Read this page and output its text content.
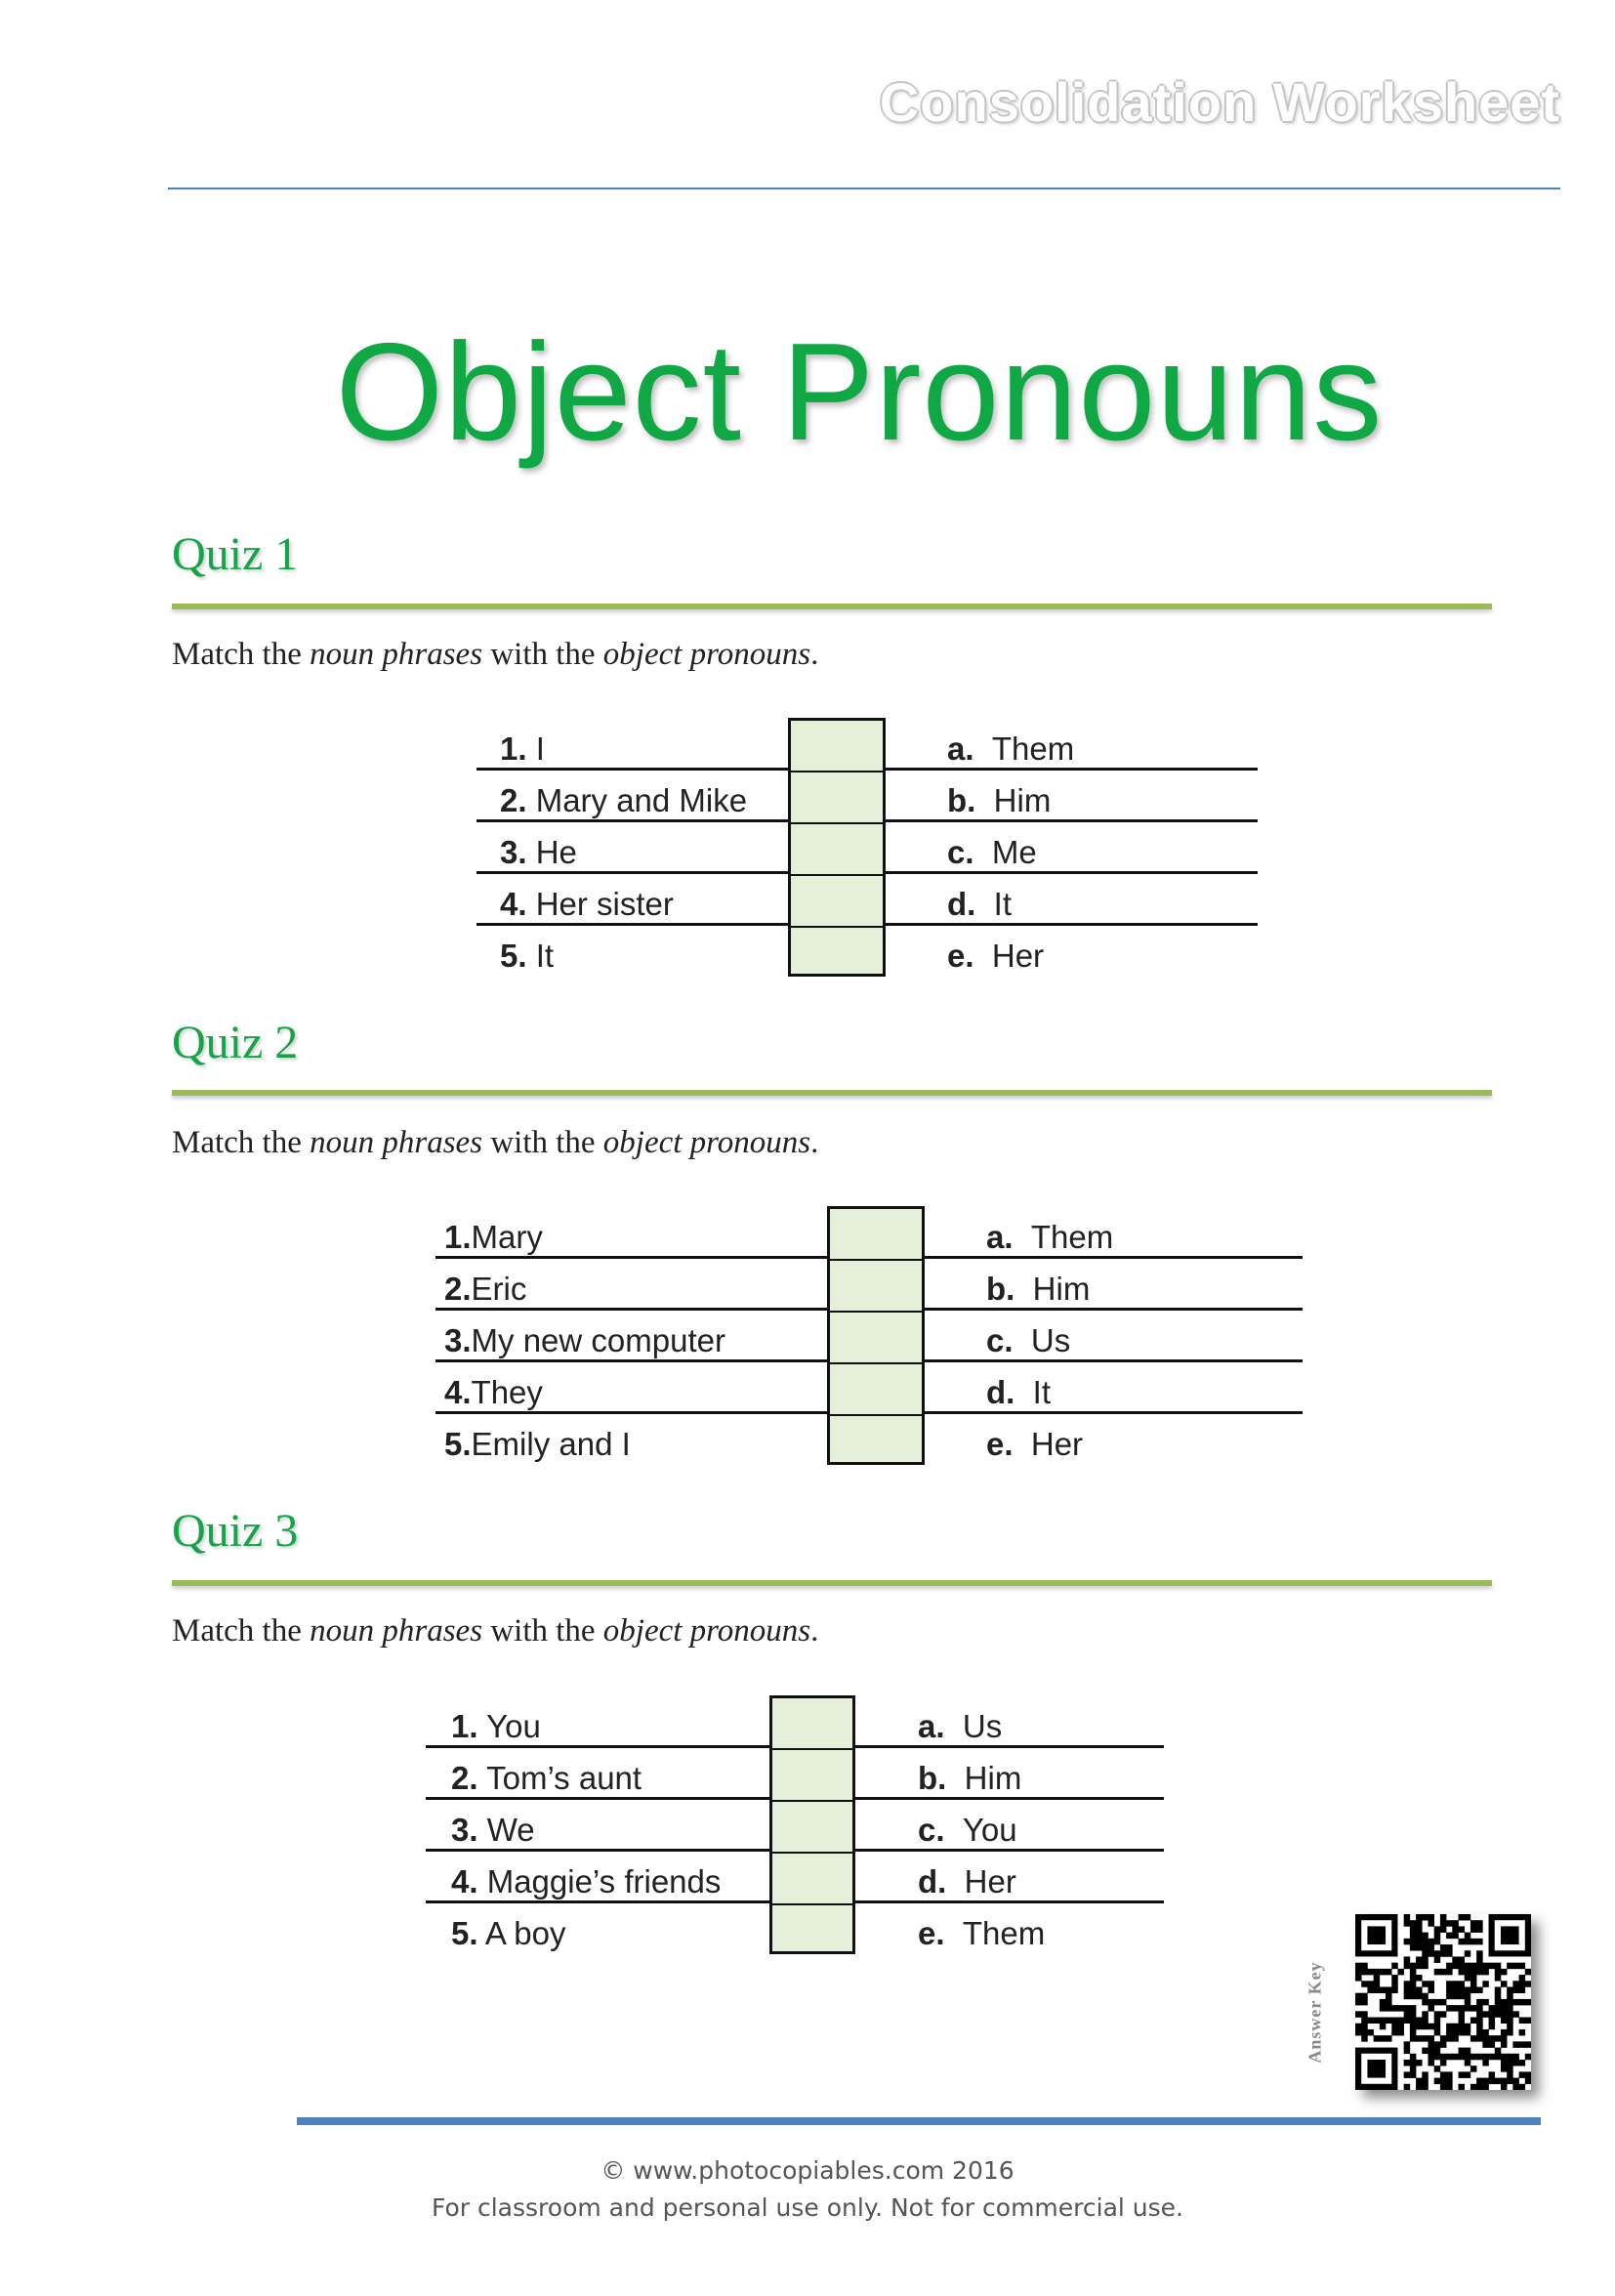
Consolidation Worksheet
Object Pronouns
Quiz 1
Match the noun phrases with the object pronouns.
1. I	a. Them
2. Mary and Mike	b. Him
3. He	c. Me
4. Her sister	d. It
5. It	e. Her
Quiz 2
Match the noun phrases with the object pronouns.
1.Mary	a. Them
2.Eric	b. Him
3.My new computer	c. Us
4.They	d. It
5.Emily and I	e. Her
Quiz 3
Match the noun phrases with the object pronouns.
1. You	a. Us
2. Tom’s aunt	b. Him
3. We	c. You
4. Maggie’s friends	d. Her
5. A boy	e. Them
Answer Key
© www.photocopiables.com 2016
For classroom and personal use only. Not for commercial use.
